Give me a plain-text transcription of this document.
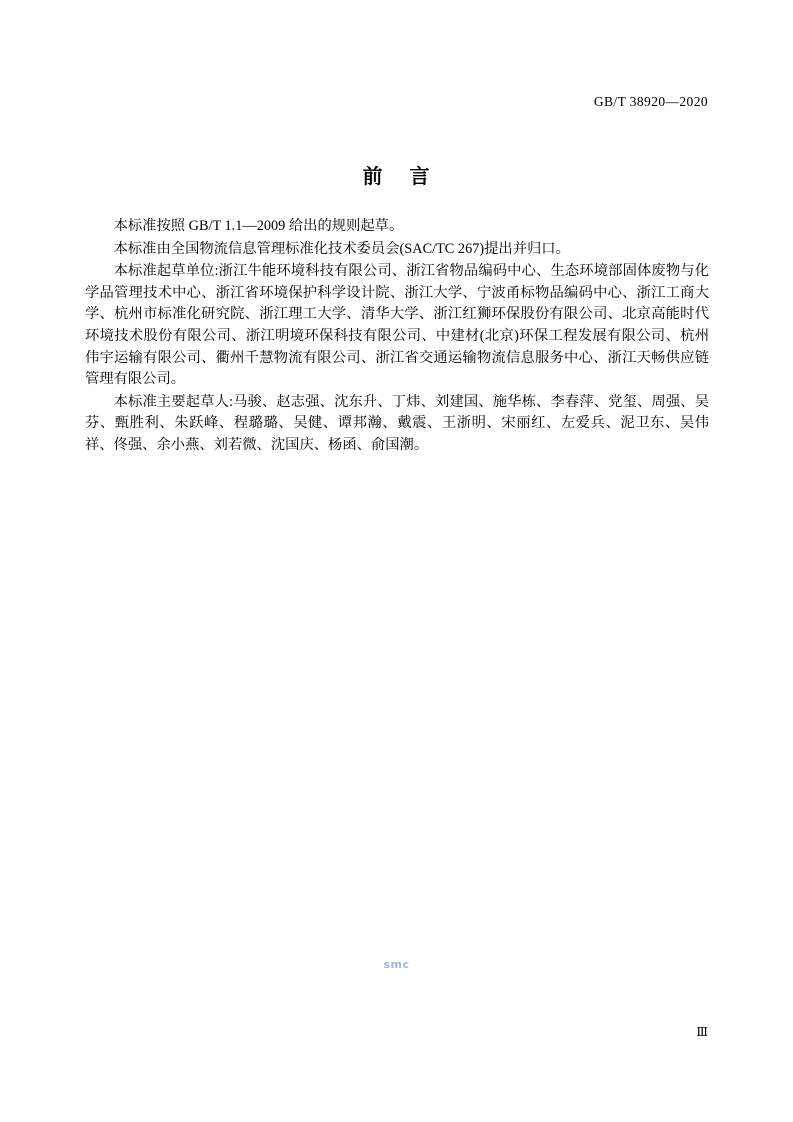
GB/T 38920—2020
前 言

本标准按照 GB/T 1.1—2009 给出的规则起草。

本标准由全国物流信息管理标准化技术委员会(SAC/TC 267)提出并归口。

本标准起草单位:浙江牛能环境科技有限公司、浙江省物品编码中心、生态环境部固体废物与化学品管理技术中心、浙江省环境保护科学设计院、浙江大学、宁波甬标物品编码中心、浙江工商大学、杭州市标准化研究院、浙江理工大学、清华大学、浙江红狮环保股份有限公司、北京高能时代环境技术股份有限公司、浙江明境环保科技有限公司、中建材(北京)环保工程发展有限公司、杭州伟宇运输有限公司、衢州千慧物流有限公司、浙江省交通运输物流信息服务中心、浙江天畅供应链管理有限公司。

本标准主要起草人:马骏、赵志强、沈东升、丁炜、刘建国、施华栋、李春萍、党玺、周强、吴芬、甄胜利、朱跃峰、程璐璐、吴健、谭邦瀚、戴震、王浙明、宋丽红、左爱兵、泥卫东、吴伟祥、佟强、余小燕、刘若微、沈国庆、杨函、俞国潮。

smc
Ⅲ
